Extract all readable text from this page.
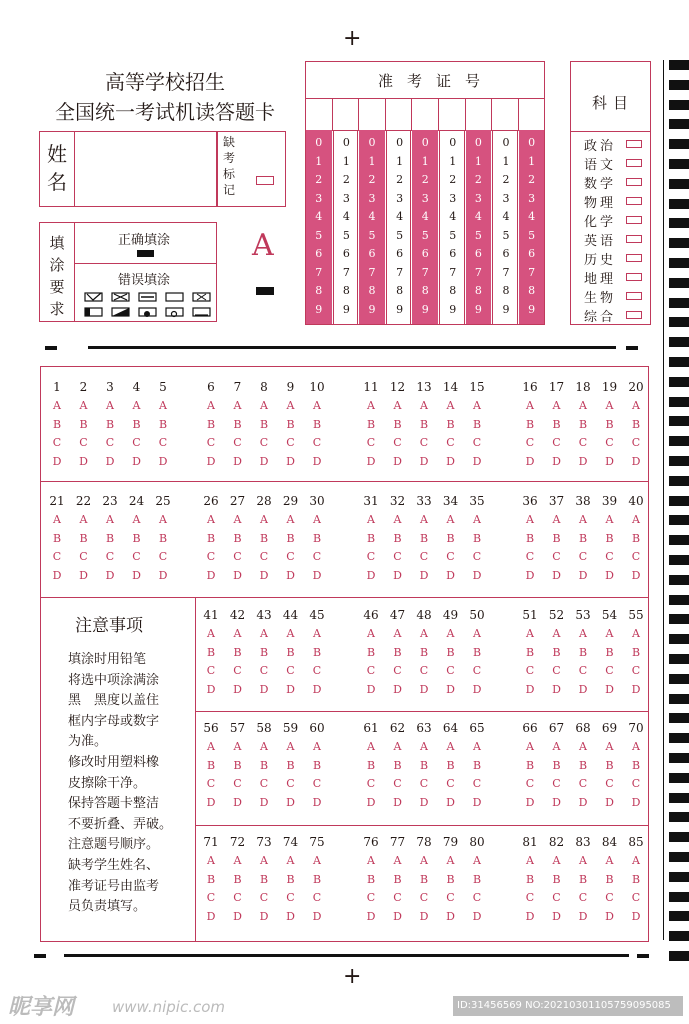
+
+
高等学校招生
全国统一考试机读答题卡
姓名
缺考标记
填涂要求
正确填涂
错误填涂
A
准考证号
0
1
2
3
4
5
6
7
8
9
0
1
2
3
4
5
6
7
8
9
0
1
2
3
4
5
6
7
8
9
0
1
2
3
4
5
6
7
8
9
0
1
2
3
4
5
6
7
8
9
0
1
2
3
4
5
6
7
8
9
0
1
2
3
4
5
6
7
8
9
0
1
2
3
4
5
6
7
8
9
0
1
2
3
4
5
6
7
8
9
科目
政治
语文
数学
物理
化学
英语
历史
地理
生物
综合
1
A
B
C
D
2
A
B
C
D
3
A
B
C
D
4
A
B
C
D
5
A
B
C
D
6
A
B
C
D
7
A
B
C
D
8
A
B
C
D
9
A
B
C
D
10
A
B
C
D
11
A
B
C
D
12
A
B
C
D
13
A
B
C
D
14
A
B
C
D
15
A
B
C
D
16
A
B
C
D
17
A
B
C
D
18
A
B
C
D
19
A
B
C
D
20
A
B
C
D
21
A
B
C
D
22
A
B
C
D
23
A
B
C
D
24
A
B
C
D
25
A
B
C
D
26
A
B
C
D
27
A
B
C
D
28
A
B
C
D
29
A
B
C
D
30
A
B
C
D
31
A
B
C
D
32
A
B
C
D
33
A
B
C
D
34
A
B
C
D
35
A
B
C
D
36
A
B
C
D
37
A
B
C
D
38
A
B
C
D
39
A
B
C
D
40
A
B
C
D
41
A
B
C
D
42
A
B
C
D
43
A
B
C
D
44
A
B
C
D
45
A
B
C
D
46
A
B
C
D
47
A
B
C
D
48
A
B
C
D
49
A
B
C
D
50
A
B
C
D
51
A
B
C
D
52
A
B
C
D
53
A
B
C
D
54
A
B
C
D
55
A
B
C
D
56
A
B
C
D
57
A
B
C
D
58
A
B
C
D
59
A
B
C
D
60
A
B
C
D
61
A
B
C
D
62
A
B
C
D
63
A
B
C
D
64
A
B
C
D
65
A
B
C
D
66
A
B
C
D
67
A
B
C
D
68
A
B
C
D
69
A
B
C
D
70
A
B
C
D
71
A
B
C
D
72
A
B
C
D
73
A
B
C
D
74
A
B
C
D
75
A
B
C
D
76
A
B
C
D
77
A
B
C
D
78
A
B
C
D
79
A
B
C
D
80
A
B
C
D
81
A
B
C
D
82
A
B
C
D
83
A
B
C
D
84
A
B
C
D
85
A
B
C
D
注意事项
填涂时用铅笔
将选中项涂满涂
黑　黑度以盖住
框内字母或数字
为准。
修改时用塑料橡
皮擦除干净。
保持答题卡整洁
不要折叠、弄破。
注意题号顺序。
缺考学生姓名、
准考证号由监考
员负责填写。
昵享网	www.nipic.com	ID:31456569 NO:20210301105759095085
